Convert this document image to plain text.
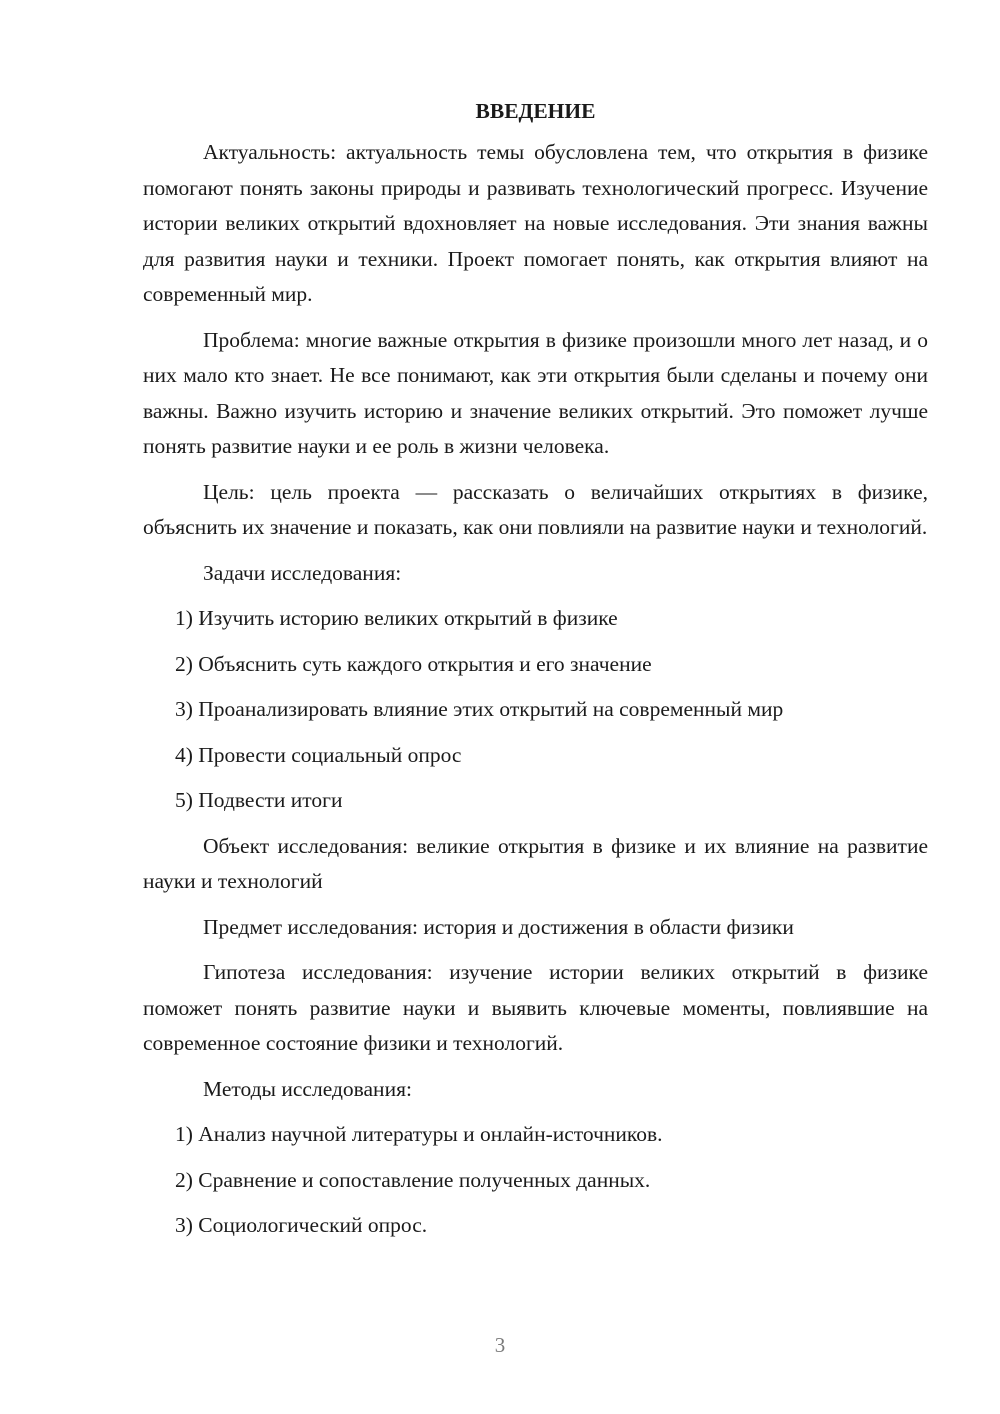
ВВЕДЕНИЕ

Актуальность: актуальность темы обусловлена тем, что открытия в физике помогают понять законы природы и развивать технологический прогресс. Изучение истории великих открытий вдохновляет на новые исследования. Эти знания важны для развития науки и техники. Проект помогает понять, как открытия влияют на современный мир.

Проблема: многие важные открытия в физике произошли много лет назад, и о них мало кто знает. Не все понимают, как эти открытия были сделаны и почему они важны. Важно изучить историю и значение великих открытий. Это поможет лучше понять развитие науки и ее роль в жизни человека.

Цель: цель проекта — рассказать о величайших открытиях в физике, объяснить их значение и показать, как они повлияли на развитие науки и технологий.

Задачи исследования:

1) Изучить историю великих открытий в физике
2) Объяснить суть каждого открытия и его значение
3) Проанализировать влияние этих открытий на современный мир
4) Провести социальный опрос
5) Подвести итоги

Объект исследования: великие открытия в физике и их влияние на развитие науки и технологий

Предмет исследования: история и достижения в области физики

Гипотеза исследования: изучение истории великих открытий в физике поможет понять развитие науки и выявить ключевые моменты, повлиявшие на современное состояние физики и технологий.

Методы исследования:

1) Анализ научной литературы и онлайн-источников.
2) Сравнение и сопоставление полученных данных.
3) Социологический опрос.
3
